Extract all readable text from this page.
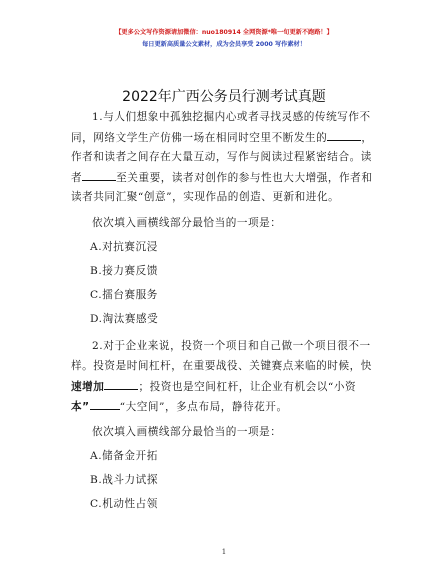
【更多公文写作资源请加微信：nuo180914 全网资源*唯一旬更新不跑路！】
每日更新高质量公文素材，成为会员享受 2000 写作素材！
2022年广西公务员行测考试真题
1.与人们想象中孤独挖掘内心或者寻找灵感的传统写作不
同，网络文学生产仿佛一场在相同时空里不断发生的	，
作者和读者之间存在大量互动，写作与阅读过程紧密结合。读
者	至关重要，读者对创作的参与性也大大增强，作者和
读者共同汇聚“创意”，实现作品的创造、更新和进化。
依次填入画横线部分最恰当的一项是：
A.对抗赛沉浸
B.接力赛反馈
C.擂台赛服务
D.淘汰赛感受
2.对于企业来说，投资一个项目和自己做一个项目很不一
样。投资是时间杠杆，在重要战役、关键赛点来临的时候，快
速增加	；投资也是空间杠杆，让企业有机会以“小资
本”	“大空间”，多点布局，静待花开。
依次填入画横线部分最恰当的一项是：
A.储备金开拓
B.战斗力试探
C.机动性占领
1
